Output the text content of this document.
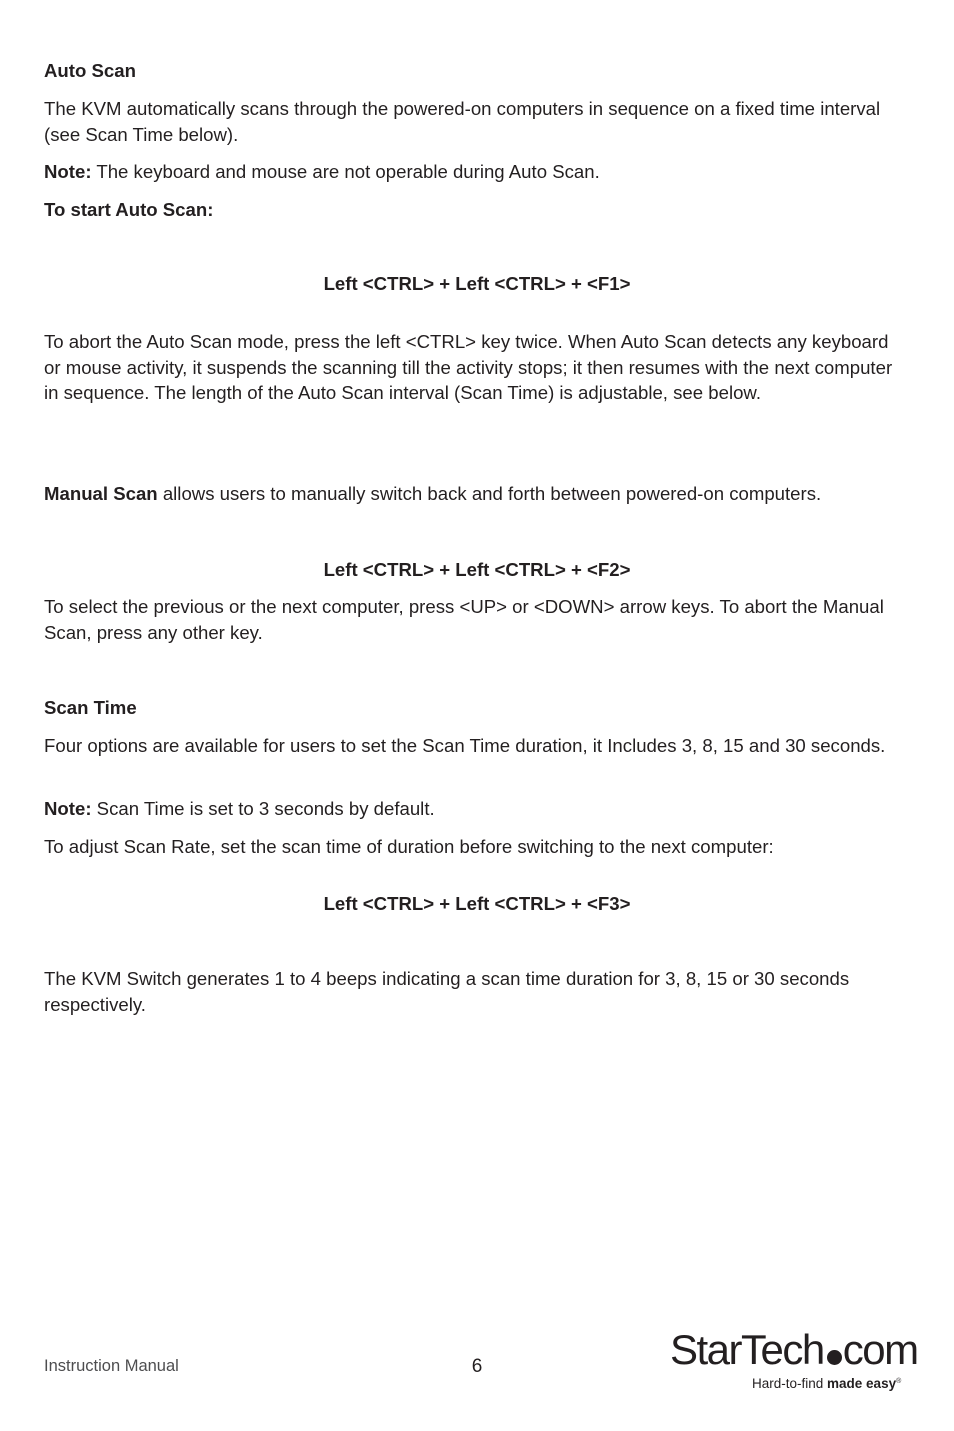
Auto Scan

The KVM automatically scans through the powered-on computers in sequence on a fixed time interval (see Scan Time below).

Note: The keyboard and mouse are not operable during Auto Scan.

To start Auto Scan:

Left <CTRL> + Left <CTRL> + <F1>

To abort the Auto Scan mode, press the left <CTRL> key twice. When Auto Scan detects any keyboard or mouse activity, it suspends the scanning till the activity stops; it then resumes with the next computer in sequence. The length of the Auto Scan interval (Scan Time) is adjustable, see below.

Manual Scan allows users to manually switch back and forth between powered-on computers.

Left <CTRL> + Left <CTRL> + <F2>

To select the previous or the next computer, press <UP> or <DOWN> arrow keys. To abort the Manual Scan, press any other key.

Scan Time

Four options are available for users to set the Scan Time duration, it Includes 3, 8, 15 and 30 seconds.

Note: Scan Time is set to 3 seconds by default.

To adjust Scan Rate, set the scan time of duration before switching to the next computer:

Left <CTRL> + Left <CTRL> + <F3>

The KVM Switch generates 1 to 4 beeps indicating a scan time duration for 3, 8, 15 or 30 seconds respectively.

Instruction Manual	6	StarTech com
Hard-to-find made easy®
